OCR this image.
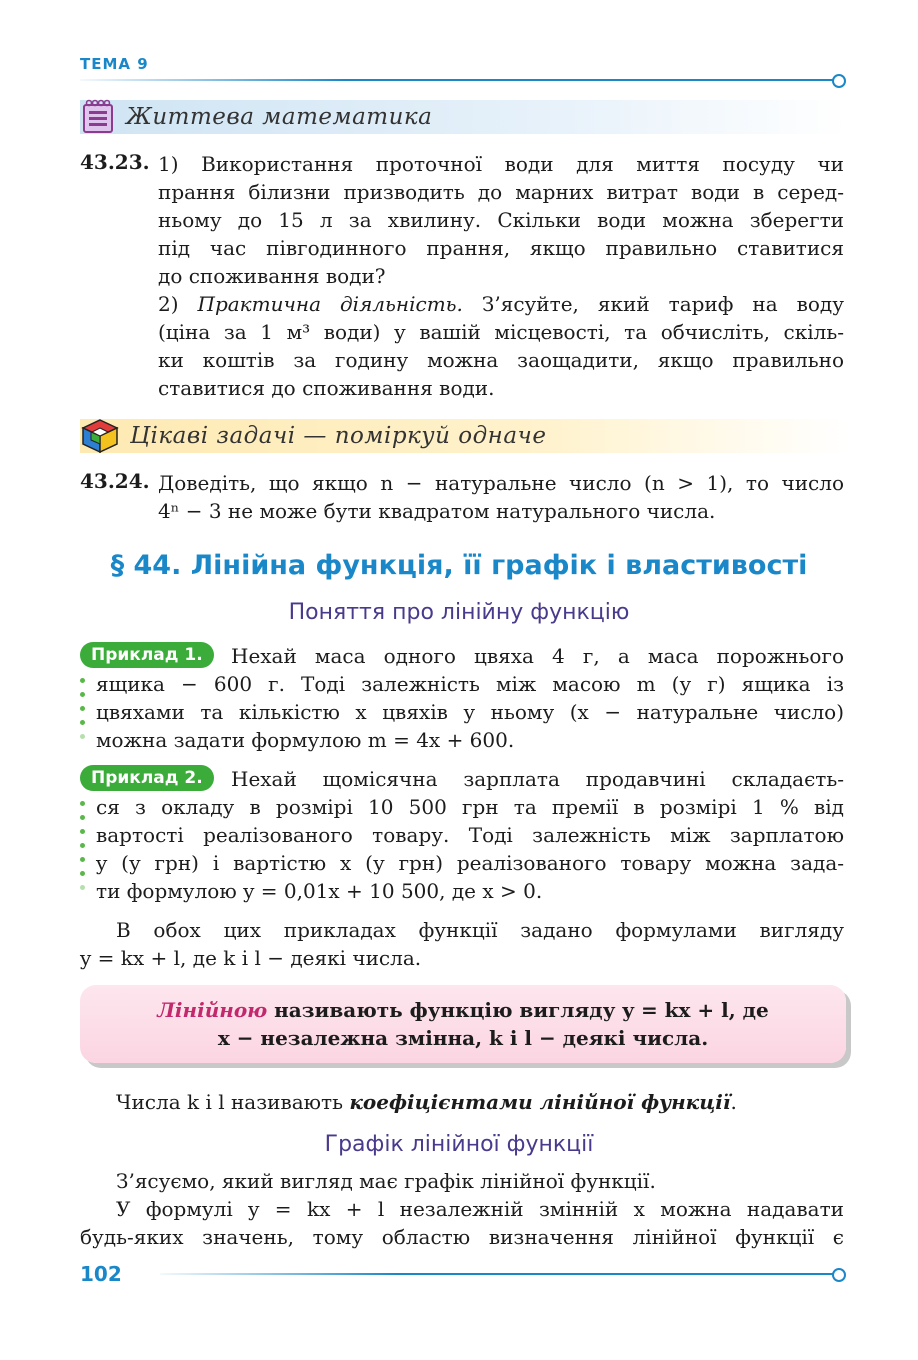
ТЕМА 9
Життева математика
43.23. 1) Використання проточної води для миття посуду чи
прання білизни призводить до марних витрат води в серед-
ньому до 15 л за хвилину. Скільки води можна зберегти
під час півгодинного прання, якщо правильно ставитися
до споживання води?
2) Практична діяльність. З’ясуйте, який тариф на воду
(ціна за 1 м³ води) у вашій місцевості, та обчисліть, скіль-
ки коштів за годину можна заощадити, якщо правильно
ставитися до споживання води.
Цікаві задачі — поміркуй одначе
43.24. Доведіть, що якщо n − натуральне число (n > 1), то число
4ⁿ − 3 не може бути квадратом натурального числа.
§ 44. Лінійна функція, її графік і властивості
Поняття про лінійну функцію
Приклад 1.	Нехай маса одного цвяха 4 г, а маса порожнього
ящика − 600 г. Тоді залежність між масою m (у г) ящика із
цвяхами та кількістю x цвяхів у ньому (x − натуральне число)
можна задати формулою m = 4x + 600.
Приклад 2.	Нехай щомісячна зарплата продавчині складаєть-
ся з окладу в розмірі 10 500 грн та премії в розмірі 1 % від
вартості реалізованого товару. Тоді залежність між зарплатою
y (у грн) і вартістю x (у грн) реалізованого товару можна зада-
ти формулою y = 0,01x + 10 500, де x > 0.
В обох цих прикладах функції задано формулами вигляду
y = kx + l, де k і l − деякі числа.
Лінійною називають функцію вигляду y = kx + l, де
x − незалежна змінна, k і l − деякі числа.
Числа k і l називають коефіцієнтами лінійної функції.
Графік лінійної функції
З’ясуємо, який вигляд має графік лінійної функції.
У формулі y = kx + l незалежній змінній x можна надавати
будь-яких значень, тому областю визначення лінійної функції є
102
